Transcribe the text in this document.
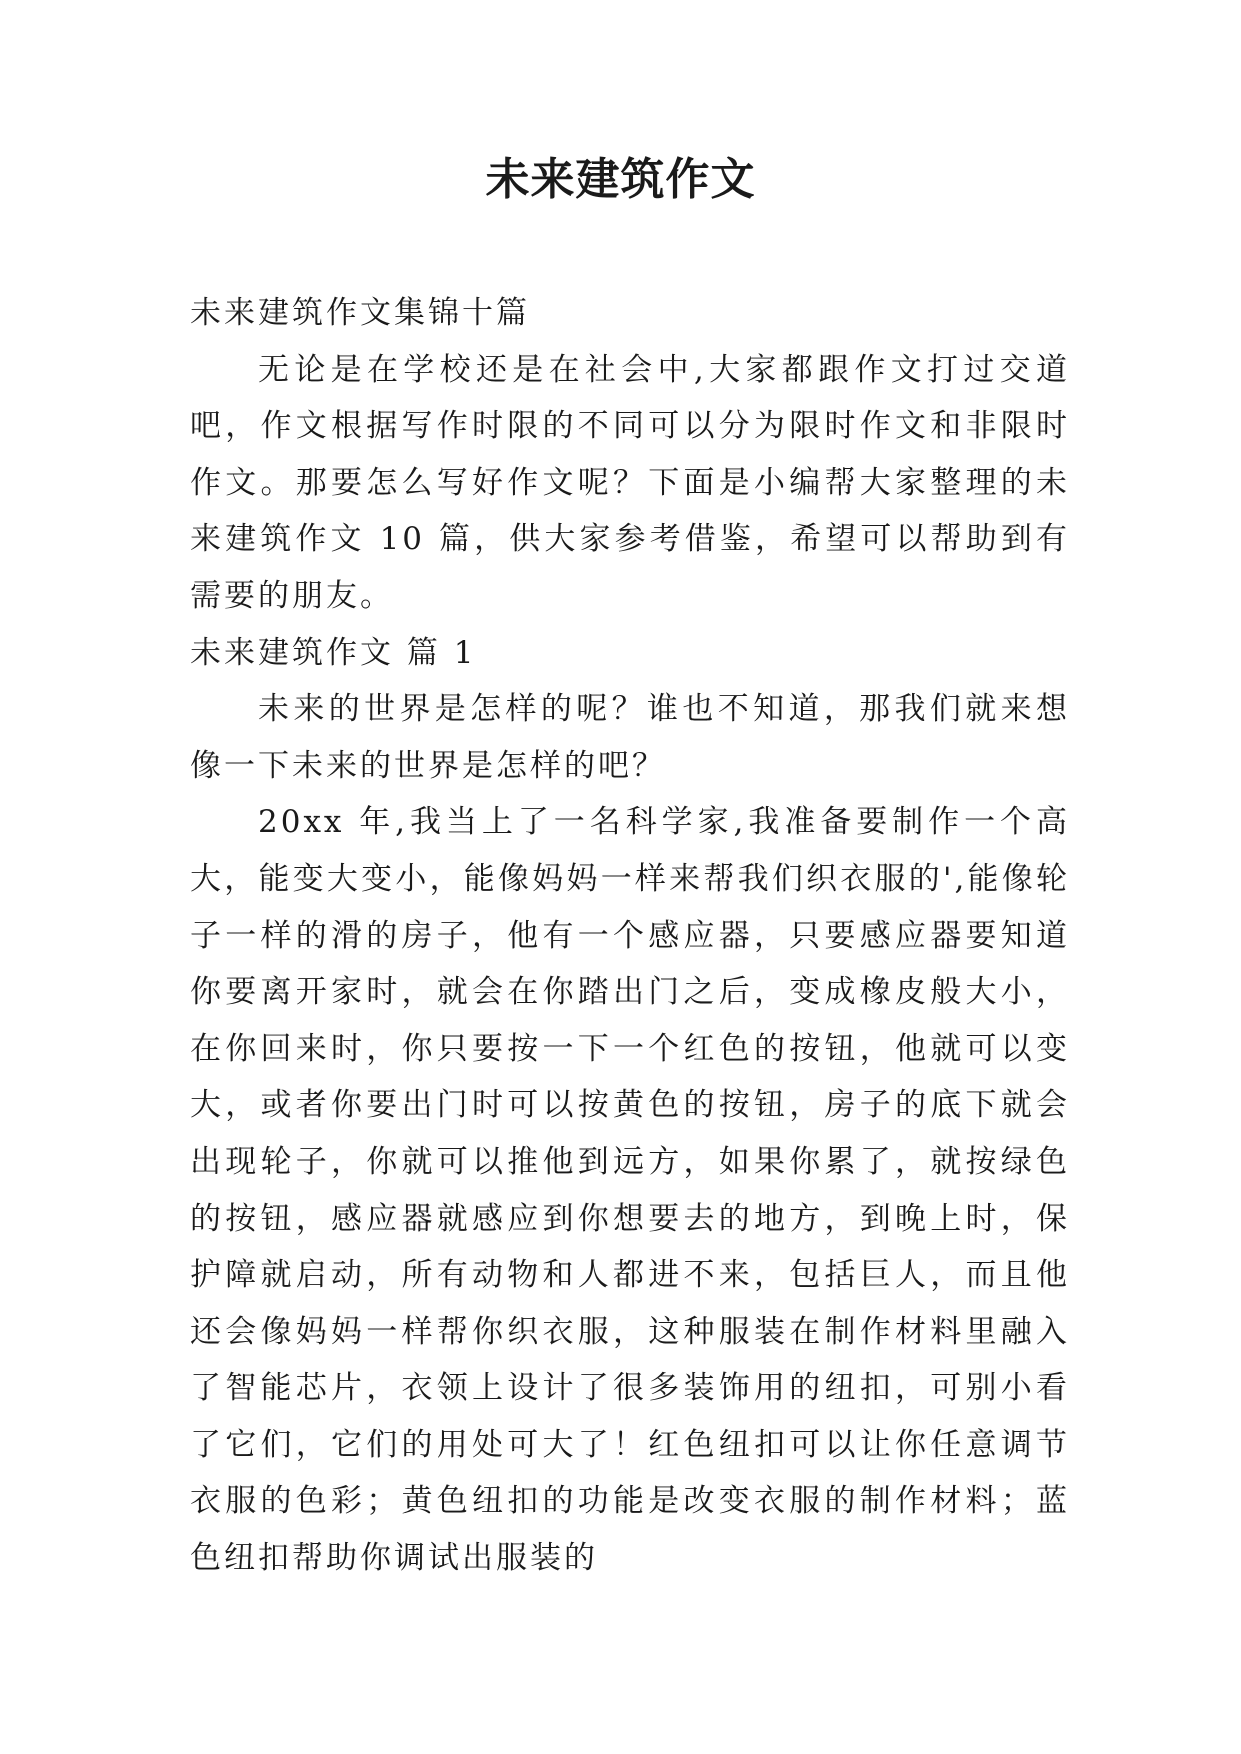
未来建筑作文

未来建筑作文集锦十篇

无论是在学校还是在社会中,大家都跟作文打过交道吧，作文根据写作时限的不同可以分为限时作文和非限时作文。那要怎么写好作文呢？下面是小编帮大家整理的未来建筑作文 10 篇，供大家参考借鉴，希望可以帮助到有需要的朋友。

未来建筑作文 篇 1

未来的世界是怎样的呢？谁也不知道，那我们就来想像一下未来的世界是怎样的吧？

20xx 年,我当上了一名科学家,我准备要制作一个高大，能变大变小，能像妈妈一样来帮我们织衣服的',能像轮子一样的滑的房子，他有一个感应器，只要感应器要知道你要离开家时，就会在你踏出门之后，变成橡皮般大小，在你回来时，你只要按一下一个红色的按钮，他就可以变大，或者你要出门时可以按黄色的按钮，房子的底下就会出现轮子，你就可以推他到远方，如果你累了，就按绿色的按钮，感应器就感应到你想要去的地方，到晚上时，保护障就启动，所有动物和人都进不来，包括巨人，而且他还会像妈妈一样帮你织衣服，这种服装在制作材料里融入了智能芯片，衣领上设计了很多装饰用的纽扣，可别小看了它们，它们的用处可大了！红色纽扣可以让你任意调节衣服的色彩；黄色纽扣的功能是改变衣服的制作材料；蓝色纽扣帮助你调试出服装的
